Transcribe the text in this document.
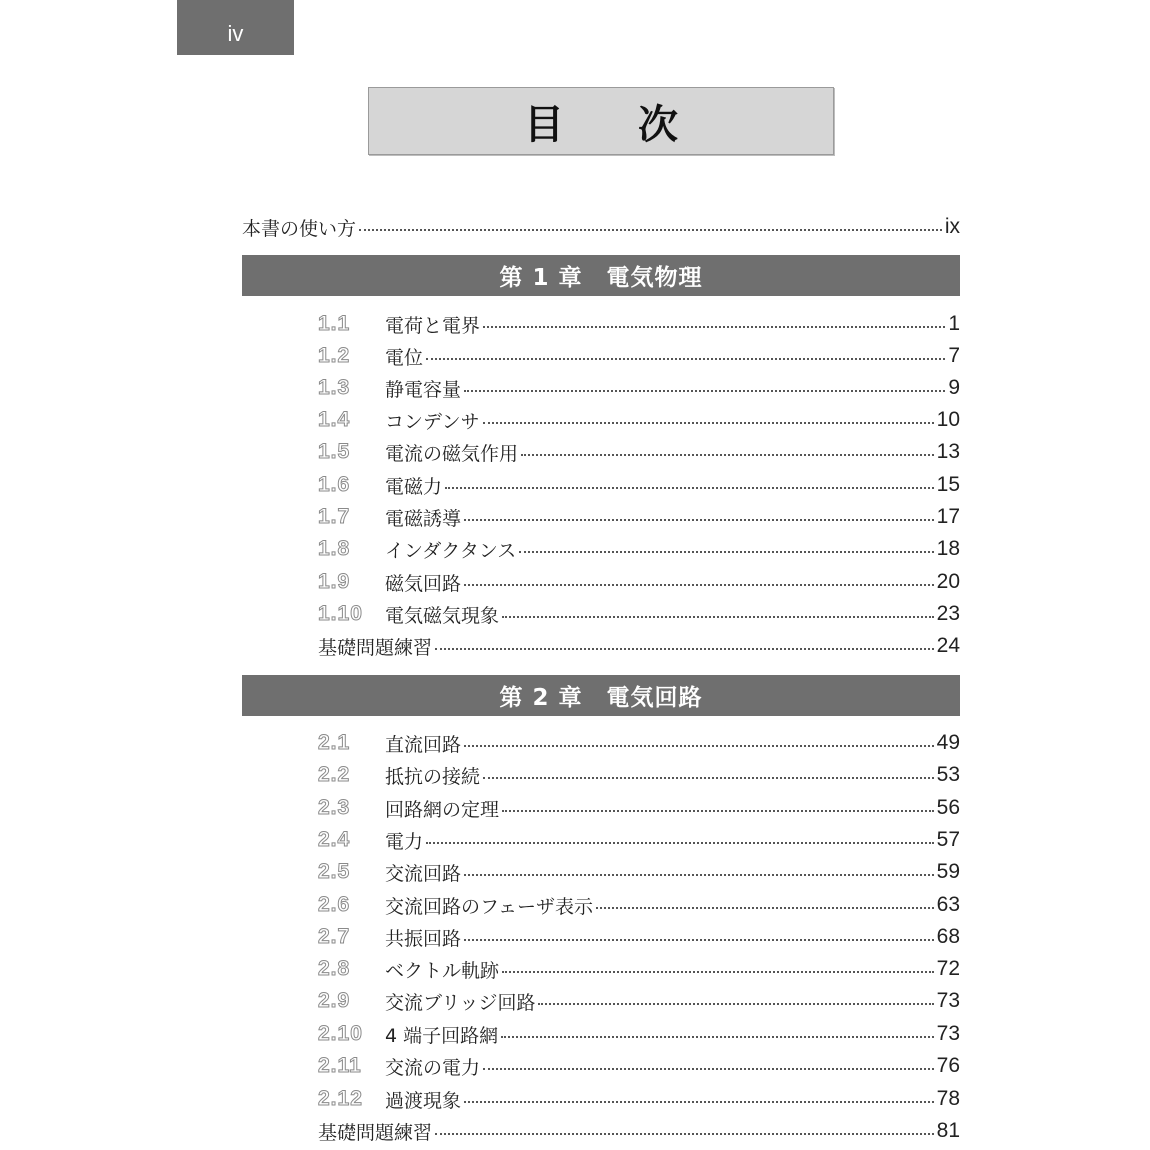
iv
目 次
本書の使い方	ix
第 1 章 電気物理
1.1	電荷と電界	1
1.2	電位	7
1.3	静電容量	9
1.4	コンデンサ	10
1.5	電流の磁気作用	13
1.6	電磁力	15
1.7	電磁誘導	17
1.8	インダクタンス	18
1.9	磁気回路	20
1.10	電気磁気現象	23
基礎問題練習	24
第 2 章 電気回路
2.1	直流回路	49
2.2	抵抗の接続	53
2.3	回路網の定理	56
2.4	電力	57
2.5	交流回路	59
2.6	交流回路のフェーザ表示	63
2.7	共振回路	68
2.8	ベクトル軌跡	72
2.9	交流ブリッジ回路	73
2.10	4 端子回路網	73
2.11	交流の電力	76
2.12	過渡現象	78
基礎問題練習	81
